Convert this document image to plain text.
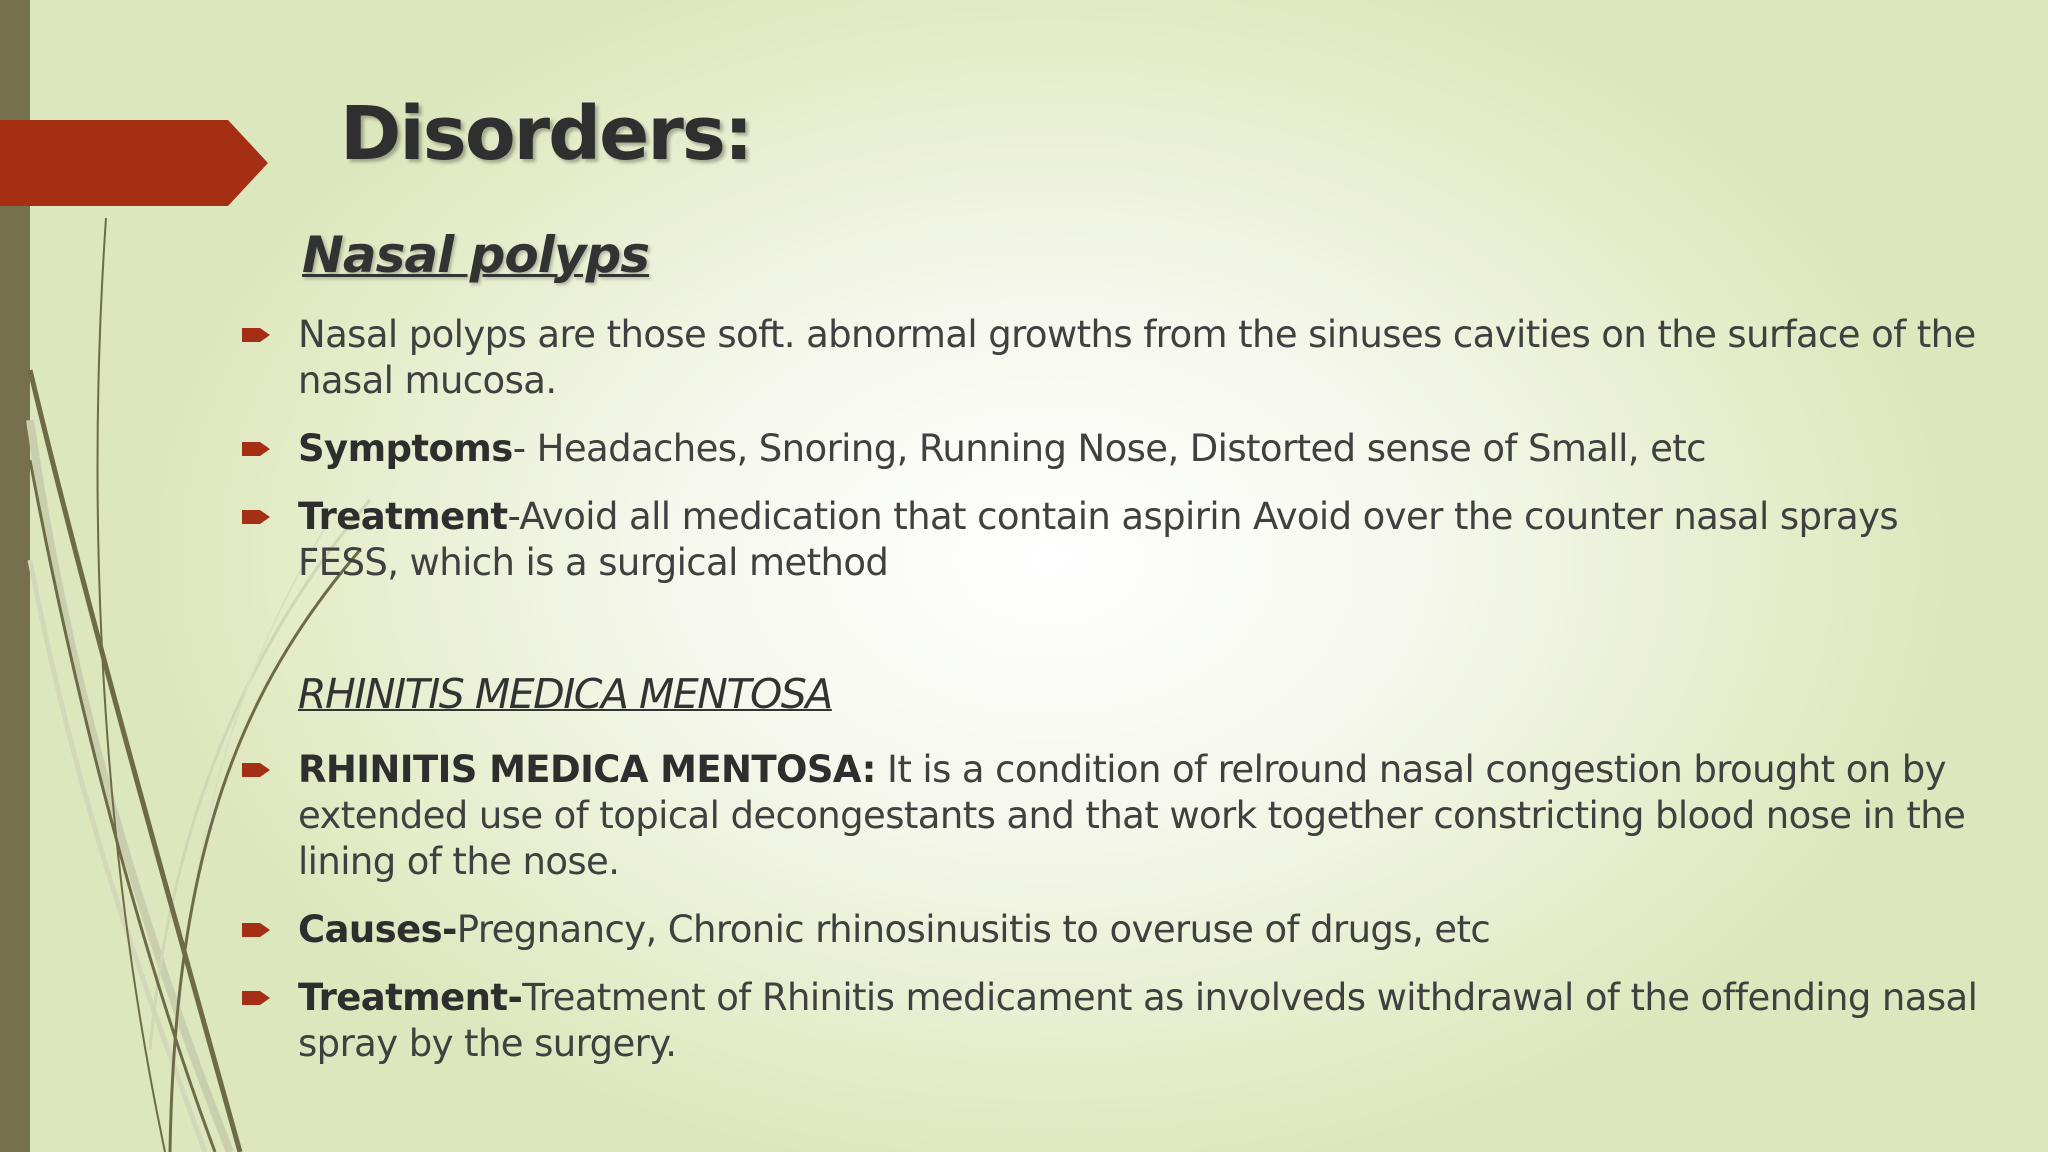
Disorders:
Nasal polyps
Nasal polyps are those soft. abnormal growths from the sinuses cavities on the surface of the nasal mucosa.
Symptoms- Headaches, Snoring, Running Nose, Distorted sense of Small, etc
Treatment-Avoid all medication that contain aspirin Avoid over the counter nasal sprays FESS, which is a surgical method
RHINITIS MEDICA MENTOSA
RHINITIS MEDICA MENTOSA: It is a condition of relround nasal congestion brought on by extended use of topical decongestants and that work together constricting blood nose in the lining of the nose.
Causes-Pregnancy, Chronic rhinosinusitis to overuse of drugs, etc
Treatment-Treatment of Rhinitis medicament as involveds withdrawal of the offending nasal spray by the surgery.
